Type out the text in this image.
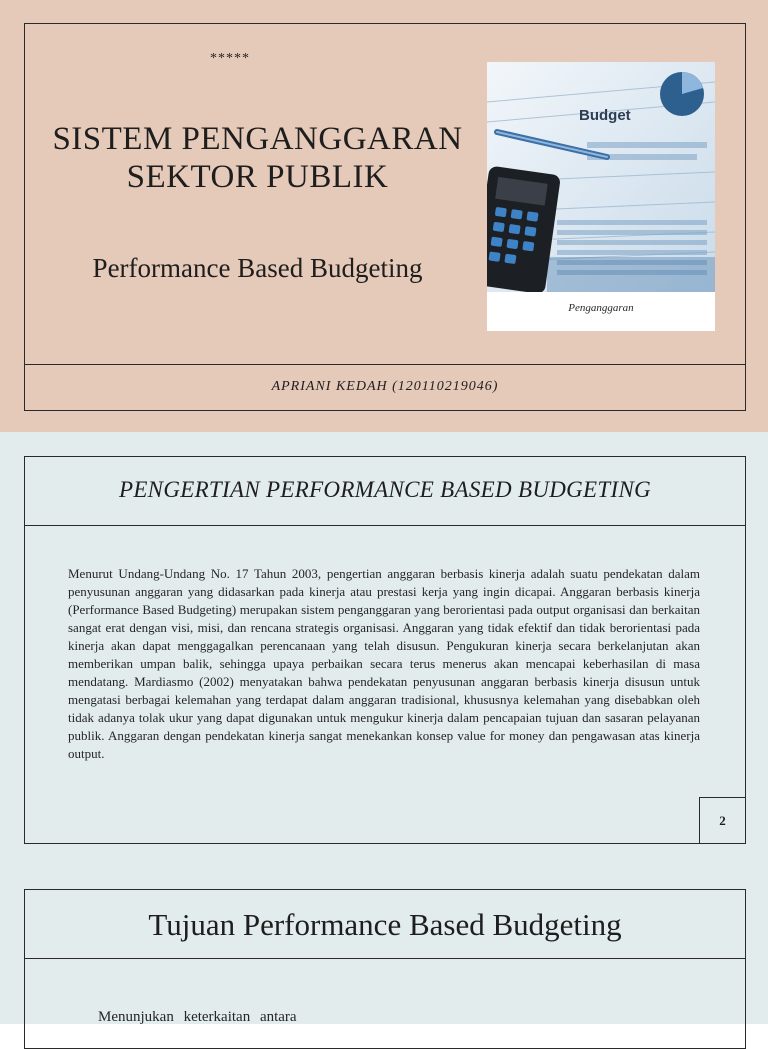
*****
SISTEM PENGANGGARAN
SEKTOR PUBLIK
Performance Based Budgeting
Budget
Penganggaran
APRIANI KEDAH (12011021904​6)
PENGERTIAN PERFORMANCE BASED BUDGETING
Menurut Undang-Undang No. 17 Tahun 2003, pengertian anggaran berbasis kinerja adalah suatu pendekatan dalam penyusunan anggaran yang didasarkan pada kinerja atau prestasi kerja yang ingin dicapai. Anggaran berbasis kinerja (Performance Based Budgeting) merupakan sistem penganggaran yang berorientasi pada output organisasi dan berkaitan sangat erat dengan visi, misi, dan rencana strategis organisasi. Anggaran yang tidak efektif dan tidak berorientasi pada kinerja akan dapat menggagalkan perencanaan yang telah disusun. Pengukuran kinerja secara berkelanjutan akan memberikan umpan balik, sehingga upaya perbaikan secara terus menerus akan mencapai keberhasilan di masa mendatang. Mardiasmo (2002) menyatakan bahwa pendekatan penyusunan anggaran berbasis kinerja disusun untuk mengatasi berbagai kelemahan yang terdapat dalam anggaran tradisional, khususnya kelemahan yang disebabkan oleh tidak adanya tolak ukur yang dapat digunakan untuk mengukur kinerja dalam pencapaian tujuan dan sasaran pelayanan publik. Anggaran dengan pendekatan kinerja sangat menekankan konsep value for money dan pengawasan atas kinerja output.
2
Tujuan Performance Based Budgeting
Menunjukan keterkaitan antara
